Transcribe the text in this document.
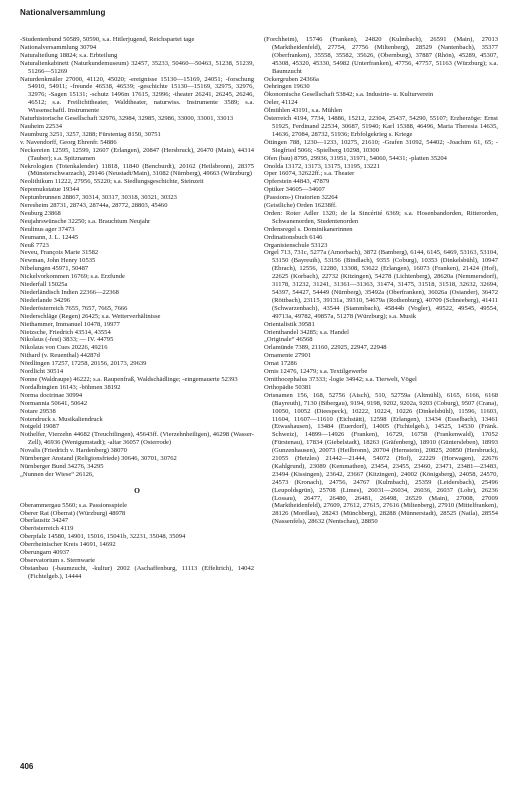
Nationalversammlung
-Studentenbund 50589, 50590, s.a. Hitlerjugend, Reichspartei tage
Nationalversammlung 30794
Naturalteilung 18824; s.a. Erbteilung
Naturalienkabinett (Naturkundemuseum) 32457, 35233, 50460—50463, 51238, 51239, 51266—51269
Naturdenkmäler 27000, 41120, 45020; -ereignisse 15130—15169, 24051; -forschung 54910, 54911; -freunde 46538, 46539; -geschichte 15130—15169, 32975, 32976, 32976; -Sagen 15131; -schutz 1496m 17615, 32996; -theater 26241, 26245, 26246, 46512; s.a. Freilichttheater, Waldtheater, naturwiss. Instrumente 3589; s.a. Wissenschaftl. Instrumente
Naturhistorische Gesellschaft 32976, 32984, 32985, 32986, 33000, 33001, 33013
Nauheim 22534
Naumburg 3251, 3257, 3288; Fürstentag 8150, 30751
v. Navendorff, Georg Ehrenfr. 54886
Neckereien 12595, 12599, 12607 (Erlangen), 20847 (Hersbruck), 26470 (Main), 44314 (Tauber); s.a. Spitznamen
Nekrologien (Totenkalender) 11818, 11840 (Bencburdt), 20162 (Heilsbronn), 28375 (Münsterschwarzach), 29146 (Neustadt/Main), 31082 (Nürnberg), 49663 (Würzburg)
Neolithikum 11222, 27956, 55220; s.a. Siedlungsgeschichte, Steinzeit
Nepomukstatue 19344
Neptunbrunnen 28867, 30314, 30317, 30318, 30321, 30323
Neresheim 28731, 28743, 28744a, 28772, 28803, 45460
Neuburg 23868
Neujahrswünsche 32250; s.a. Brauchtum Neujahr
Neulinus ager 37473
Neumann, J. L. 12445
Neuß 7723
Neveu, François Marie 31582
Newman, John Henry 10535
Nibelungen 45971, 50487
Nickelvorkommen 16769; s.a. Erzfunde
Niederfall 15025a
Niederländisch Indien 22366—22368
Niederlande 34296
Niederösterreich 7655, 7657, 7665, 7666
Niederschläge (Regen) 26425; s.a. Wetterverhältnisse
Niethammer, Immanuel 10478, 19977
Nietzsche, Friedrich 43514, 43554
Nikolaus (-fest) 3833; — IV. 44795
Nikolaus von Cues 20226, 49216
Nithard (v. Reuenthal) 44287d
Nördlingen 17257, 17258, 20156, 20173, 29639
Nordlicht 30514
Nonne (Waldraupe) 46222; s.a. Raupenfraß, Waldschädlinge; -eingemauerte 52393
Nordalbingien 16143; -böhmen 38192
Norma doctrinae 30994
Normannia 50641, 50642
Notare 29538
Notendruck s. Musikaliendruck
Notgeld 19087
Nothelfer, Vierzehn 44682 (Treuchtlingen), 45643ff. (Vierzehnheiligen), 46298 (Wasser-Zell), 46936 (Wenigumstadt); -altar 36057 (Osterrode)
Novalis (Friedrich v. Hardenberg) 38070
Nürnberger Anstand (Religionsfriede) 30646, 30701, 30762
Nürnberger Bund 34276, 34295
„Nunnen der Wiese“ 26126,
O
Oberammergau 5560; s.a. Passionsspiele
Oberer Rat (Oberrat) (Würzburg) 48978
Oberlausitz 34247
Oberösterreich 4119
Oberpfalz 14580, 14901, 15016, 15041b, 32231, 35048, 35094
Oberrheinischer Kreis 14691, 14692
Oberungarn 40937
Observatorium s. Sternwarte
Obstanbau (-baumzucht, -kultur) 2002 (Aschaffenburg, 11113 (Effeltrich), 14042 (Fichtelgeb.), 14444
(Forchheim), 15746 (Franken), 24820 (Kulmbach), 26591 (Main), 27013 (Marktheidenfeld), 27754, 27756 (Miltenberg), 28529 (Nantenbach), 35377 (Oberfranken), 35558, 35582, 35626, (Obernburg), 37887 (Rhön), 45289, 45307, 45308, 45320, 45330, 54982 (Unterfranken), 47756, 47757, 51163 (Würzburg); s.a. Baumzucht
Ockergruben 24366a
Oehringen 19630
Ökonomische Gesellschaft 53842; s.a. Industrie- u. Kulturverein
Oeler, 41124
Ölmühlen 43191, s.a. Mühlen
Österreich 4194, 7734, 14886, 15212, 22304, 25437, 54290, 55107; Erzherzöge: Ernst 51925, Ferdinand 22534, 30687, 51940; Karl 15388, 46496, Maria Theresia 14635, 14636, 27084, 28732, 51936; Erbfolgekrieg s. Kriege
Öttingen 788, 1230—1233, 10275, 21610; -Grafen 31092, 54402; -Joachim 61, 65; -Siegfried 5066; -Spielberg 10298, 10300
Ofen (bau) 8795, 29936, 31951, 31971, 54060, 54431; -platten 35204
Onolda 13172, 13173, 13175, 13195, 13221
Oper 16074, 32622ff.; s.a. Theater
Opferstein 44843, 47879
Optiker 34605—34607
(Passions-) Oratorien 32264
(Geistliche) Orden 16238ff.
Orden: Roter Adler 1320; de la Sincérité 6369; s.a. Hosenbandorden, Ritterorden, Schwanenorden, Studentenorden
Ordensregel s. Dominikanerinnen
Ordinationsbuch 6146
Organistenschule 53123
Orgel 713, 731c, 5277a (Amorbach), 3872 (Bamberg), 6144, 6145, 6469, 53163, 53104, 53150 (Bayreuth), 53156 (Bindlach), 9355 (Coburg), 10353 (Dinkelsbühl), 10947 (Ebrach), 12556, 12280, 13308, 53622 (Erlangen), 16073 (Franken), 21424 (Hof), 22625 (Korbach), 22732 (Kitzingen), 54278 (Lichtenberg), 28620a (Nemmersdorf), 31178, 31232, 31241, 31361—31363, 31474, 31475, 31518, 31518, 32632, 32694, 54397, 54427, 54449 (Nürnberg), 35492a (Oberfranken), 36026a (Osiander), 36472 (Röttbach), 23115, 39131a, 39310, 54679a (Rothenburg), 40709 (Schneeberg), 41411 (Schwarzenbach), 43544 (Stammbach), 45844b (Vogler), 49522, 49545, 49554, 49713a, 49782, 49857a, 51278 (Würzburg); s.a. Musik
Orientalistik 39581
Orienthandel 34285; s.a. Handel
„Originale“ 46568
Orlamünde 7389, 21160, 22925, 22947, 22948
Ornamente 27901
Ornat 17286
Ornis 12476, 12479; s.a. Textilgewerbe
Ornithocephalus 37333; -logie 34942; s.a. Tierwelt, Vögel
Orthopädie 50381
Ortsnamen 156, 168, 52756 (Aisch), 510, 52759a (Altmühl), 6165, 6166, 6168 (Bayreuth), 7130 (Bibergau), 9194, 9198, 9202, 9202a, 9203 (Coburg), 9507 (Crana), 10050, 10052 (Dieespeck), 10222, 10224, 10226 (Dinkelsbühl), 11596, 11603, 11604, 11607—11610 (Eichstätt), 12598 (Erlangen), 13434 (Esselbach), 13461 (Etwashausen), 13484 (Euerdorf), 14005 (Fichtelgeb.), 14525, 14530 (Fränk. Schweiz), 14899—14926 (Franken), 16729, 16758 (Frankenwald), 17052 (Fürstenau), 17834 (Giebelstadt), 18263 (Gräfenberg), 18910 (Güntersleben), 18993 (Gunzenhausen), 20073 (Heilbronn), 20704 (Hernstein), 20825, 20850 (Hersbruck), 21055 (Hetzles) 21442—21444, 54072 (Hof), 22229 (Horwagen), 22676 (Kahlgrund), 23089 (Kemmathen), 23454, 23455, 23460, 23471, 23481—23483, 23494 (Kissingen), 23642, 23667 (Kitzingen), 24002 (Königsberg), 24058, 24570, 24573 (Kronach), 24756, 24767 (Kulmbach), 25359 (Leidersbach), 25496 (Leupoldsgrün), 25708 (Limes), 26031—26034, 26036, 26037 (Lohr), 26236 (Lossau), 26477, 26480, 26481, 26498, 26529 (Main), 27008, 27009 (Marktheidenfeld), 27609, 27612, 27615, 27616 (Miltenberg), 27910 (Mittelfranken), 28126 (Mordlau), 28243 (Münchberg), 28288 (Münnerstadt), 28525 (Naila), 28554 (Nassenfels), 28632 (Nentschau), 28850
406
